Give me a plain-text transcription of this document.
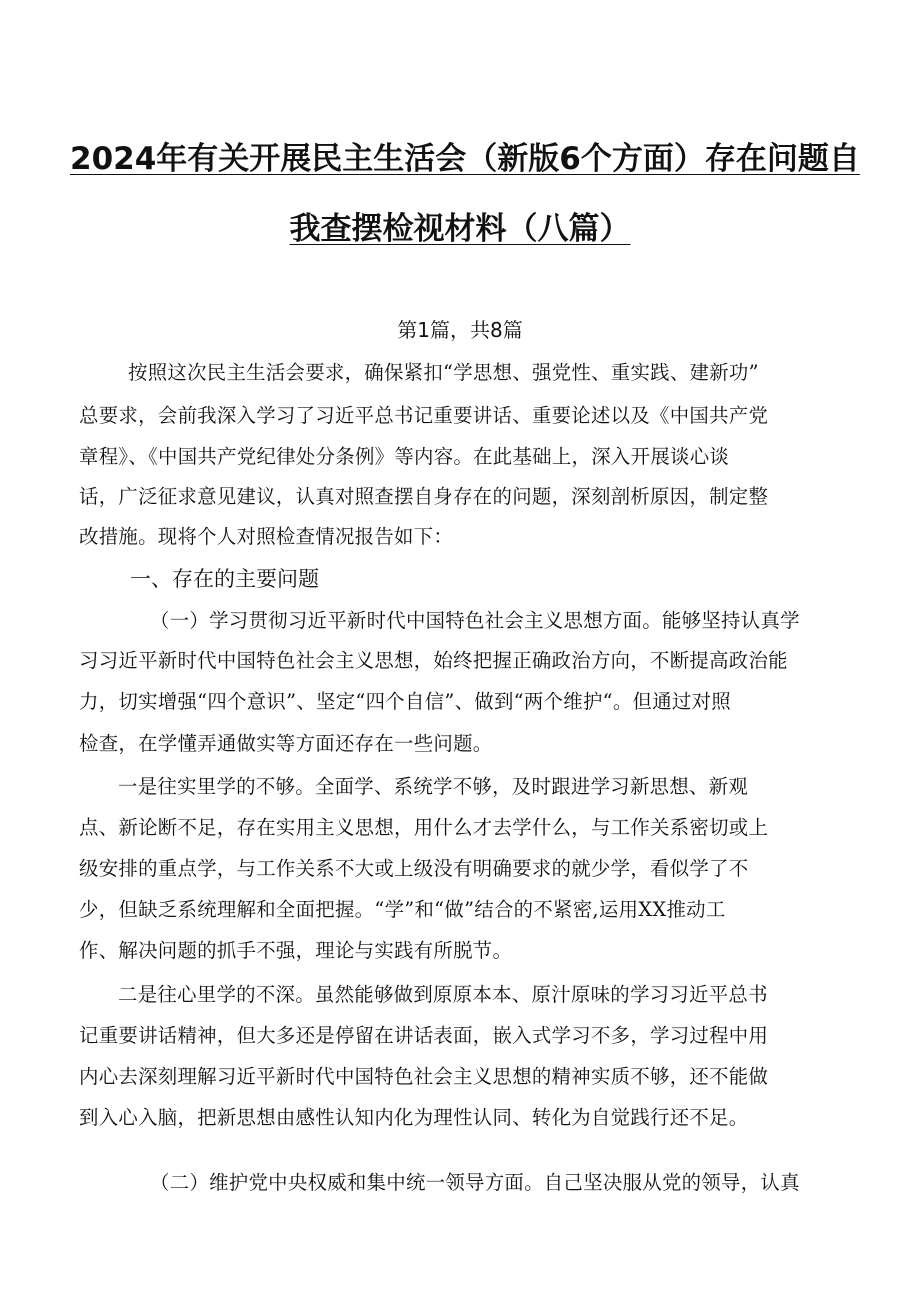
2024年有关开展民主生活会（新版6个方面）存在问题自
我查摆检视材料（八篇）
第1篇，共8篇
按照这次民主生活会要求，确保紧扣“学思想、强党性、重实践、建新功”
总要求，会前我深入学习了习近平总书记重要讲话、重要论述以及《中国共产党
章程》、《中国共产党纪律处分条例》等内容。在此基础上，深入开展谈心谈
话，广泛征求意见建议，认真对照查摆自身存在的问题，深刻剖析原因，制定整
改措施。现将个人对照检查情况报告如下：
一、存在的主要问题
（一）学习贯彻习近平新时代中国特色社会主义思想方面。能够坚持认真学
习习近平新时代中国特色社会主义思想，始终把握正确政治方向，不断提高政治能
力，切实增强“四个意识”、坚定“四个自信”、做到“两个维护“。但通过对照
检查，在学懂弄通做实等方面还存在一些问题。
一是往实里学的不够。全面学、系统学不够，及时跟进学习新思想、新观
点、新论断不足，存在实用主义思想，用什么才去学什么，与工作关系密切或上
级安排的重点学，与工作关系不大或上级没有明确要求的就少学，看似学了不
少，但缺乏系统理解和全面把握。“学”和“做”结合的不紧密,运用XX推动工
作、解决问题的抓手不强，理论与实践有所脱节。
二是往心里学的不深。虽然能够做到原原本本、原汁原味的学习习近平总书
记重要讲话精神，但大多还是停留在讲话表面，嵌入式学习不多，学习过程中用
内心去深刻理解习近平新时代中国特色社会主义思想的精神实质不够，还不能做
到入心入脑，把新思想由感性认知内化为理性认同、转化为自觉践行还不足。
（二）维护党中央权威和集中统一领导方面。自己坚决服从党的领导，认真
